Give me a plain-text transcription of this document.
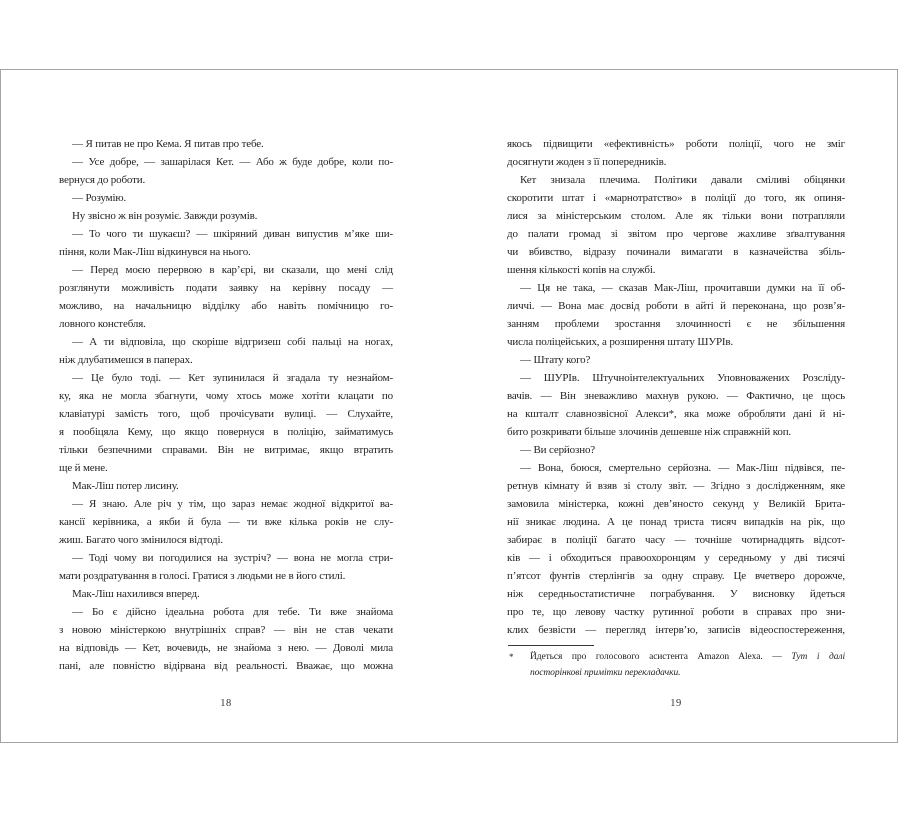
— Я питав не про Кема. Я питав про тебе.
— Усе добре, — зашарілася Кет. — Або ж буде добре, коли по-
вернуся до роботи.
— Розумію.
Ну звісно ж він розуміє. Завжди розумів.
— То чого ти шукаєш? — шкіряний диван випустив м’яке ши-
піння, коли Мак-Ліш відкинувся на нього.
— Перед моєю перервою в кар’єрі, ви сказали, що мені слід
розглянути можливість подати заявку на керівну посаду —
можливо, на начальницю відділку або навіть помічницю го-
ловного констебля.
— А ти відповіла, що скоріше відгризеш собі пальці на ногах,
ніж длубатимешся в паперах.
— Це було тоді. — Кет зупинилася й згадала ту незнайом-
ку, яка не могла збагнути, чому хтось може хотіти клацати по
клавіатурі замість того, щоб прочісувати вулиці. — Слухайте,
я пообіцяла Кему, що якщо повернуся в поліцію, займатимусь
тільки безпечними справами. Він не витримає, якщо втратить
ще й мене.
Мак-Ліш потер лисину.
— Я знаю. Але річ у тім, що зараз немає жодної відкритої ва-
кансії керівника, а якби й була — ти вже кілька років не слу-
жиш. Багато чого змінилося відтоді.
— Тоді чому ви погодилися на зустріч? — вона не могла стри-
мати роздратування в голосі. Гратися з людьми не в його стилі.
Мак-Ліш нахилився вперед.
— Бо є дійсно ідеальна робота для тебе. Ти вже знайома
з новою міністеркою внутрішніх справ? — він не став чекати
на відповідь — Кет, вочевидь, не знайома з нею. — Доволі мила
пані, але повністю відірвана від реальності. Вважає, що можна
якось підвищити «ефективність» роботи поліції, чого не зміг
досягнути жоден з її попередників.
Кет знизала плечима. Політики давали сміливі обіцянки
скоротити штат і «марнотратство» в поліції до того, як опиня-
лися за міністерським столом. Але як тільки вони потрапляли
до палати громад зі звітом про чергове жахливе зґвалтування
чи вбивство, відразу починали вимагати в казначейства збіль-
шення кількості копів на службі.
— Ця не така, — сказав Мак-Ліш, прочитавши думки на її об-
личчі. — Вона має досвід роботи в айті й переконана, що розв’я-
занням проблеми зростання злочинності є не збільшення
числа поліцейських, а розширення штату ШУРІв.
— Штату кого?
— ШУРІв. Штучноінтелектуальних Уповноважених Розсліду-
вачів. — Він зневажливо махнув рукою. — Фактично, це щось
на кшталт славнозвісної Алекси*, яка може обробляти дані й ні-
бито розкривати більше злочинів дешевше ніж справжній коп.
— Ви серйозно?
— Вона, боюся, смертельно серйозна. — Мак-Ліш підвівся, пе-
ретнув кімнату й взяв зі столу звіт. — Згідно з дослідженням, яке
замовила міністерка, кожні дев’яносто секунд у Великій Брита-
нії зникає людина. А це понад триста тисяч випадків на рік, що
забирає в поліції багато часу — точніше чотирнадцять відсот-
ків — і обходиться правоохоронцям у середньому у дві тисячі
п’ятсот фунтів стерлінгів за одну справу. Це вчетверо дорожче,
ніж середньостатистичне пограбування. У висновку йдеться
про те, що левову частку рутинної роботи в справах про зни-
клих безвісти — перегляд інтерв’ю, записів відеоспостереження,
* Йдеться про голосового асистента Amazon Alexa. — Тут і далі
посторінкові примітки перекладачки.
18	19
